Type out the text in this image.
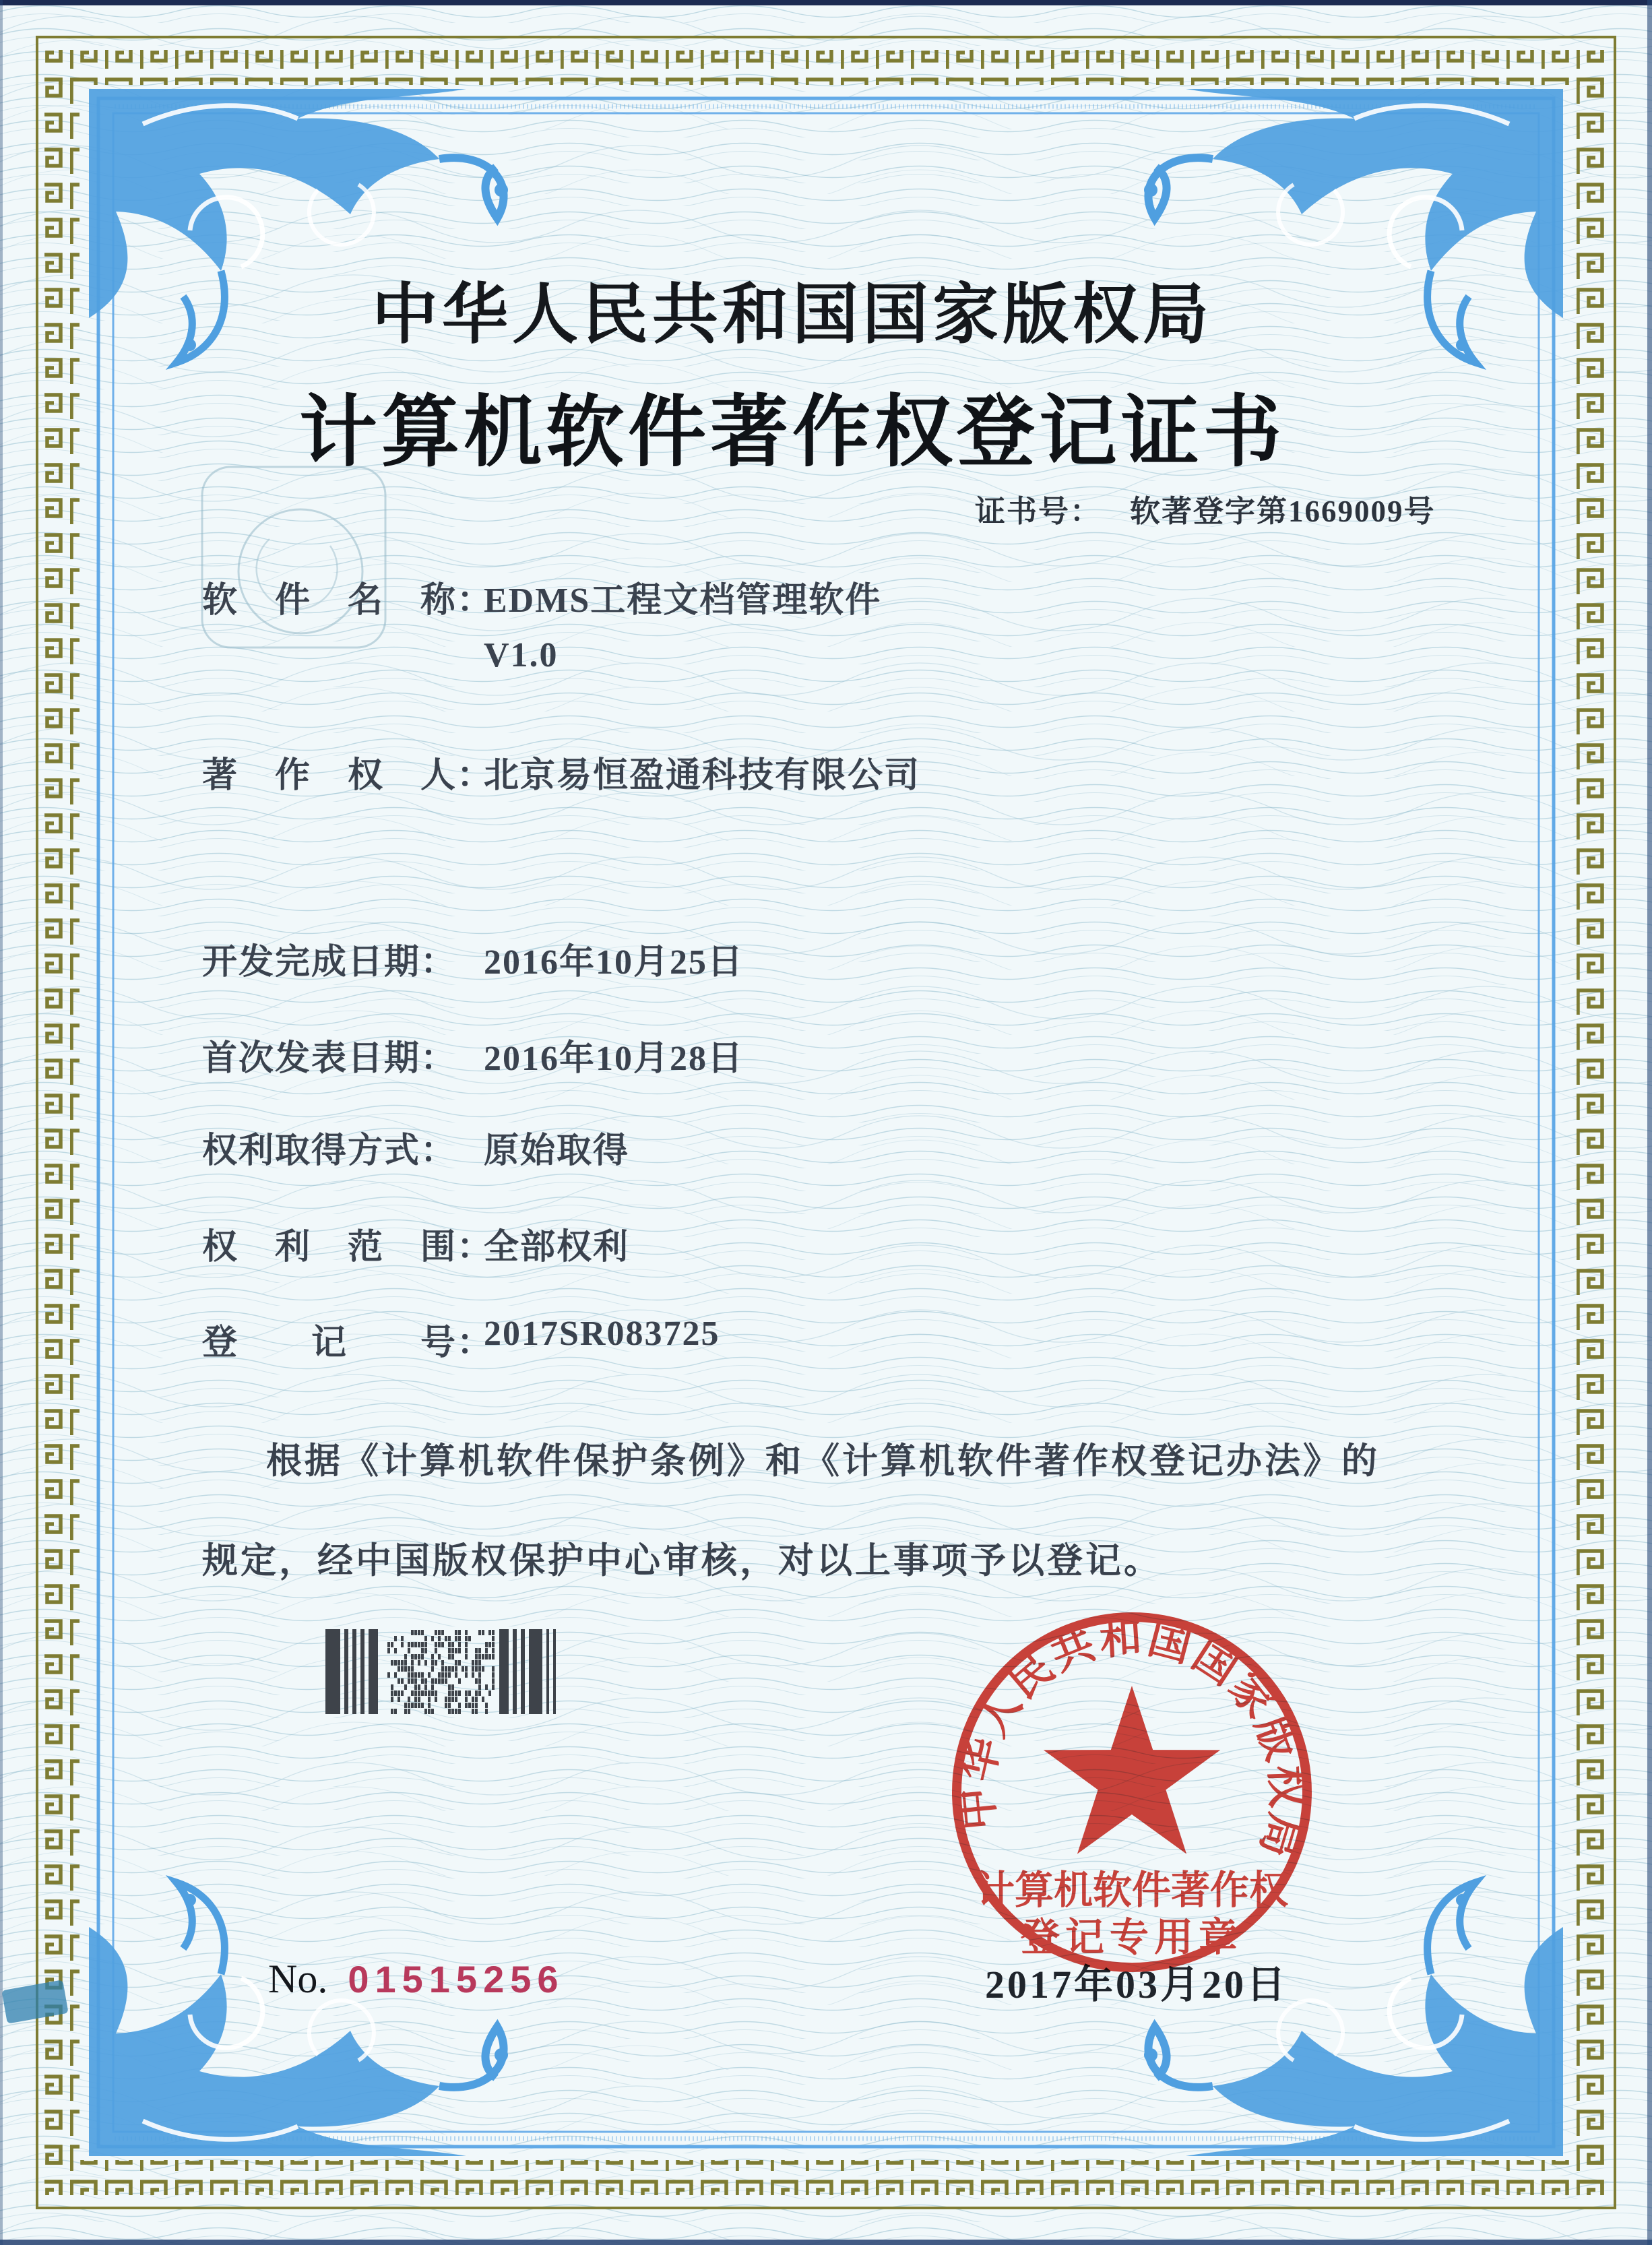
中华人民共和国国家版权局
计算机软件著作权登记证书
证书号： 软著登字第1669009号
软　件　名　称：
EDMS工程文档管理软件
V1.0
著　作　权　人：
北京易恒盈通科技有限公司
开发完成日期： 2016年10月25日
首次发表日期： 2016年10月28日
权利取得方式： 原始取得
权　利　范　围：
全部权利
登　　记　　号：
2017SR083725
根据《计算机软件保护条例》和《计算机软件著作权登记办法》的
规定，经中国版权保护中心审核，对以上事项予以登记。
2017年03月20日
中华人民共和国国家版权局
计算机软件著作权
登记专用章
No. 01515256
